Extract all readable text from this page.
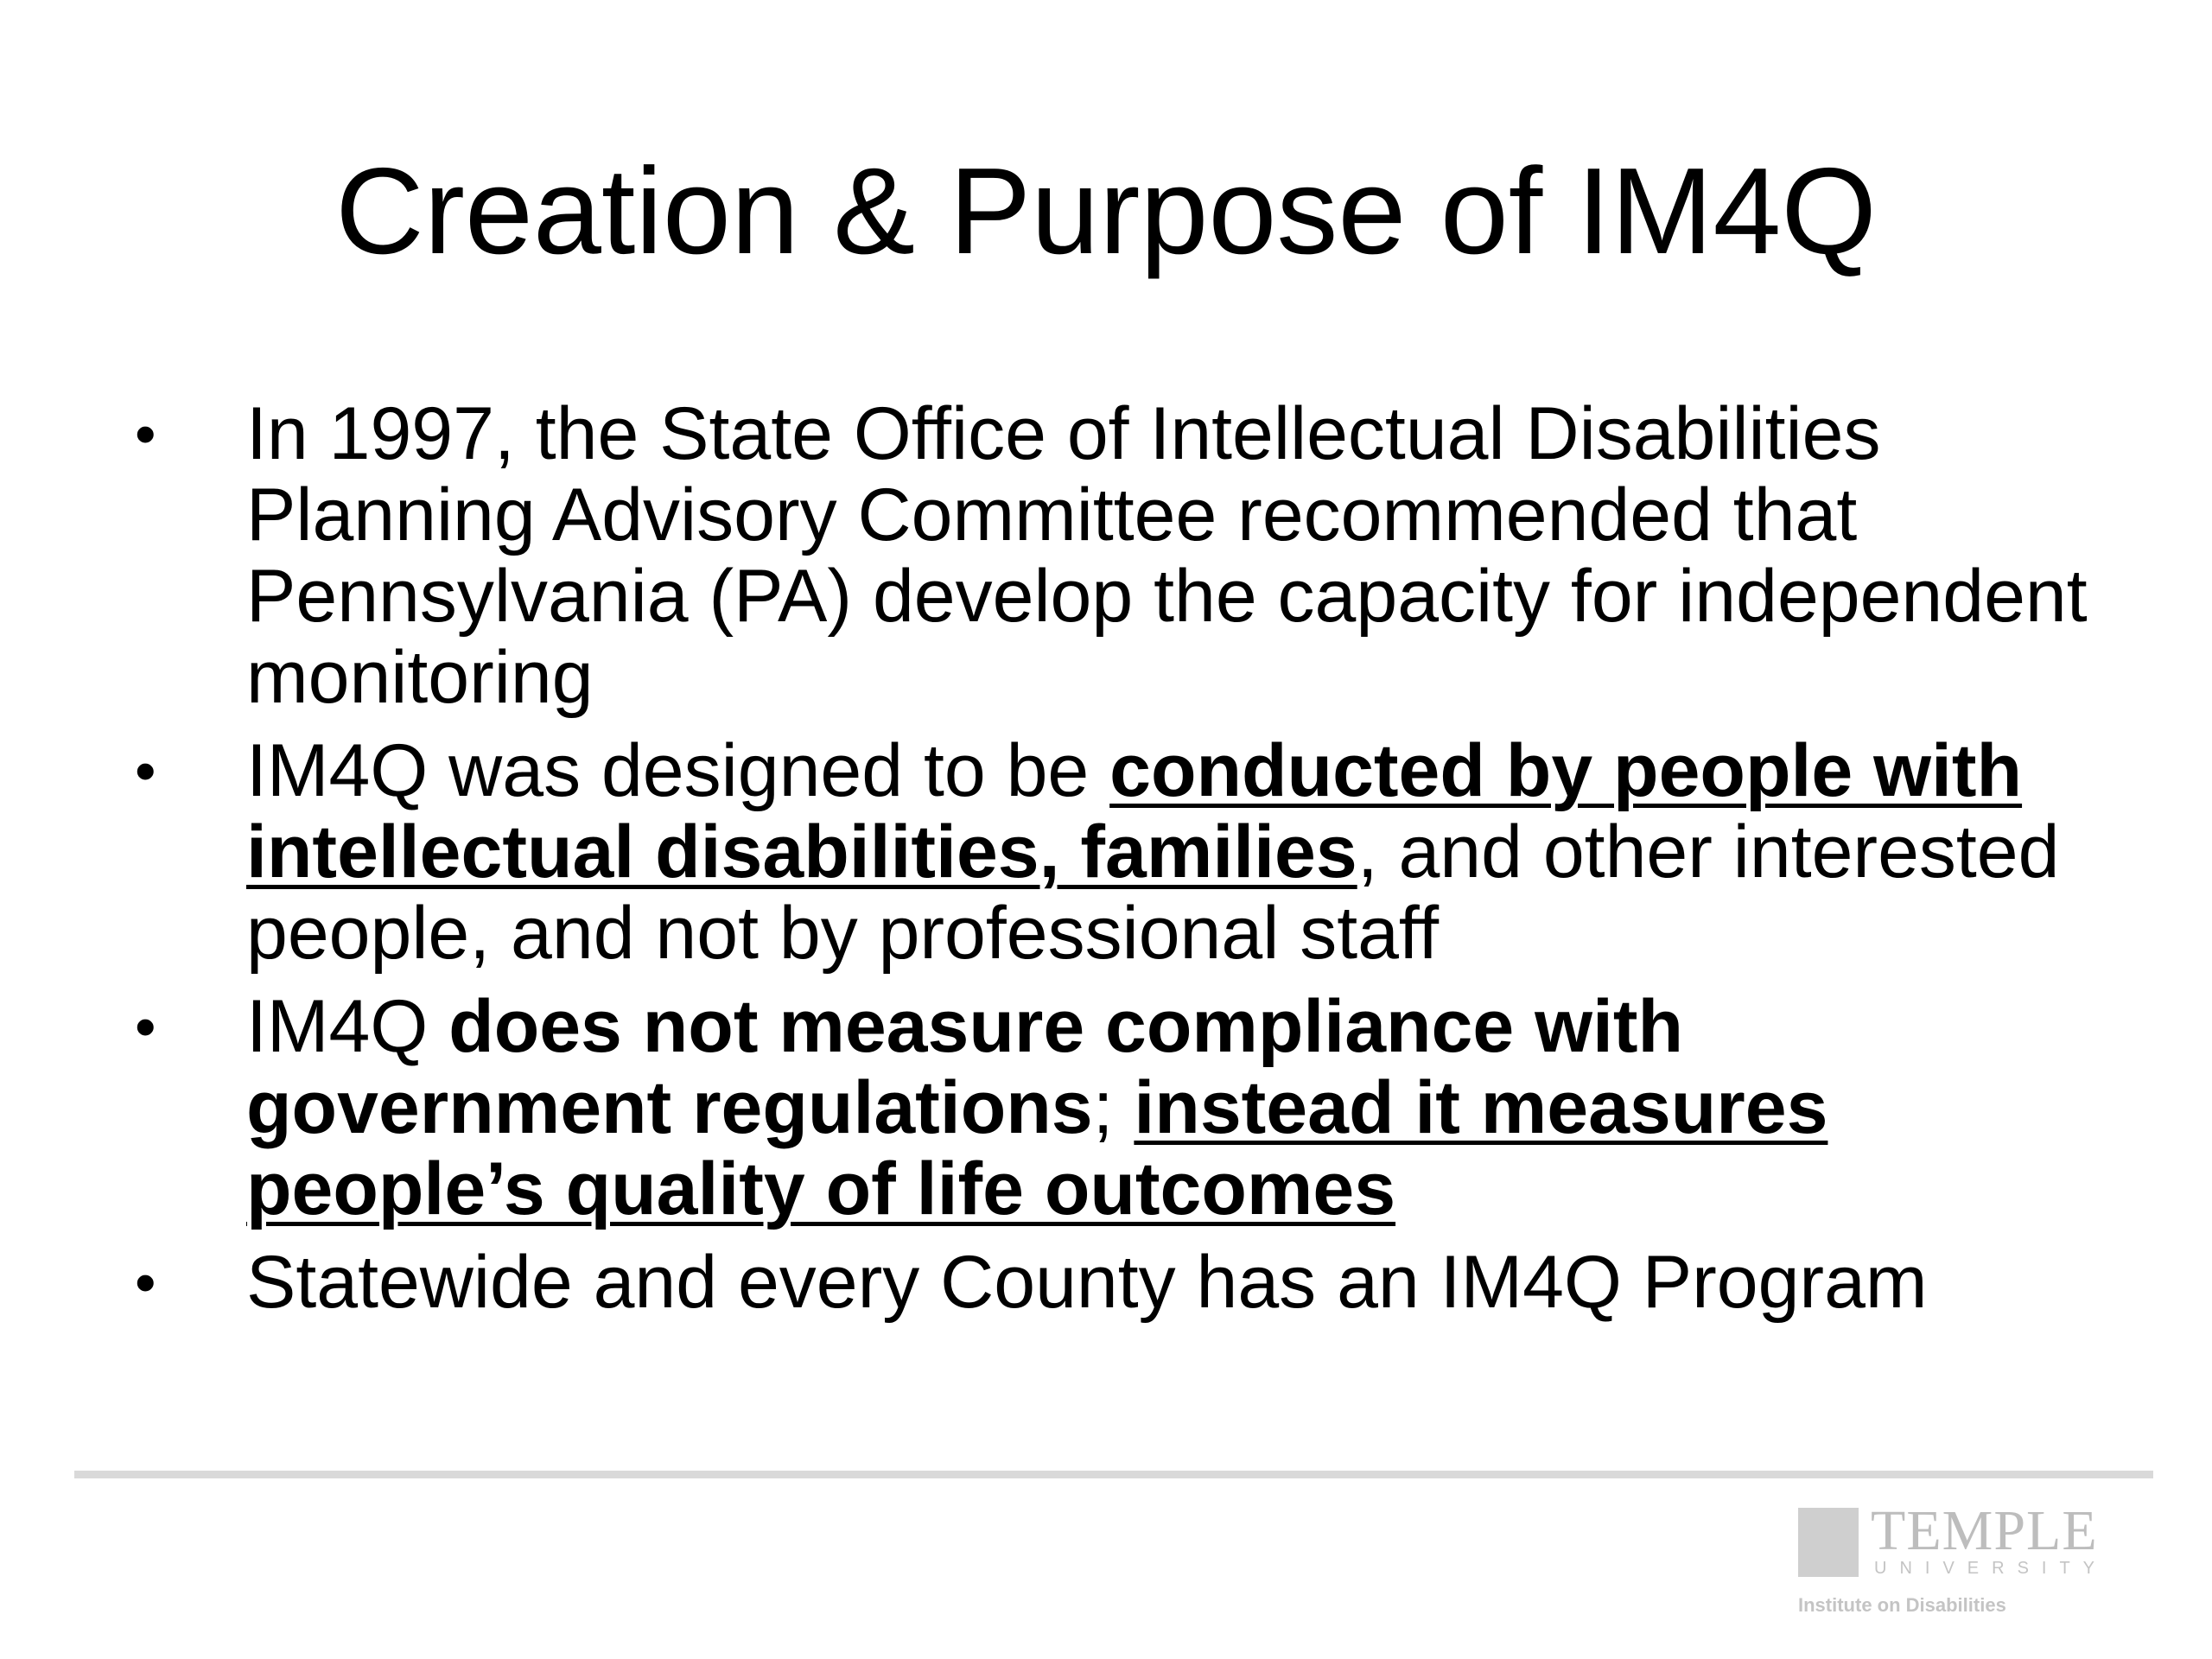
Creation & Purpose of IM4Q
• In 1997, the State Office of Intellectual Disabilities Planning Advisory Committee recommended that Pennsylvania (PA) develop the capacity for independent monitoring
• IM4Q was designed to be conducted by people with intellectual disabilities, families, and other interested people, and not by professional staff
• IM4Q does not measure compliance with government regulations; instead it measures people’s quality of life outcomes
• Statewide and every County has an IM4Q Program
TEMPLE
UNIVERSITY
Institute on Disabilities
